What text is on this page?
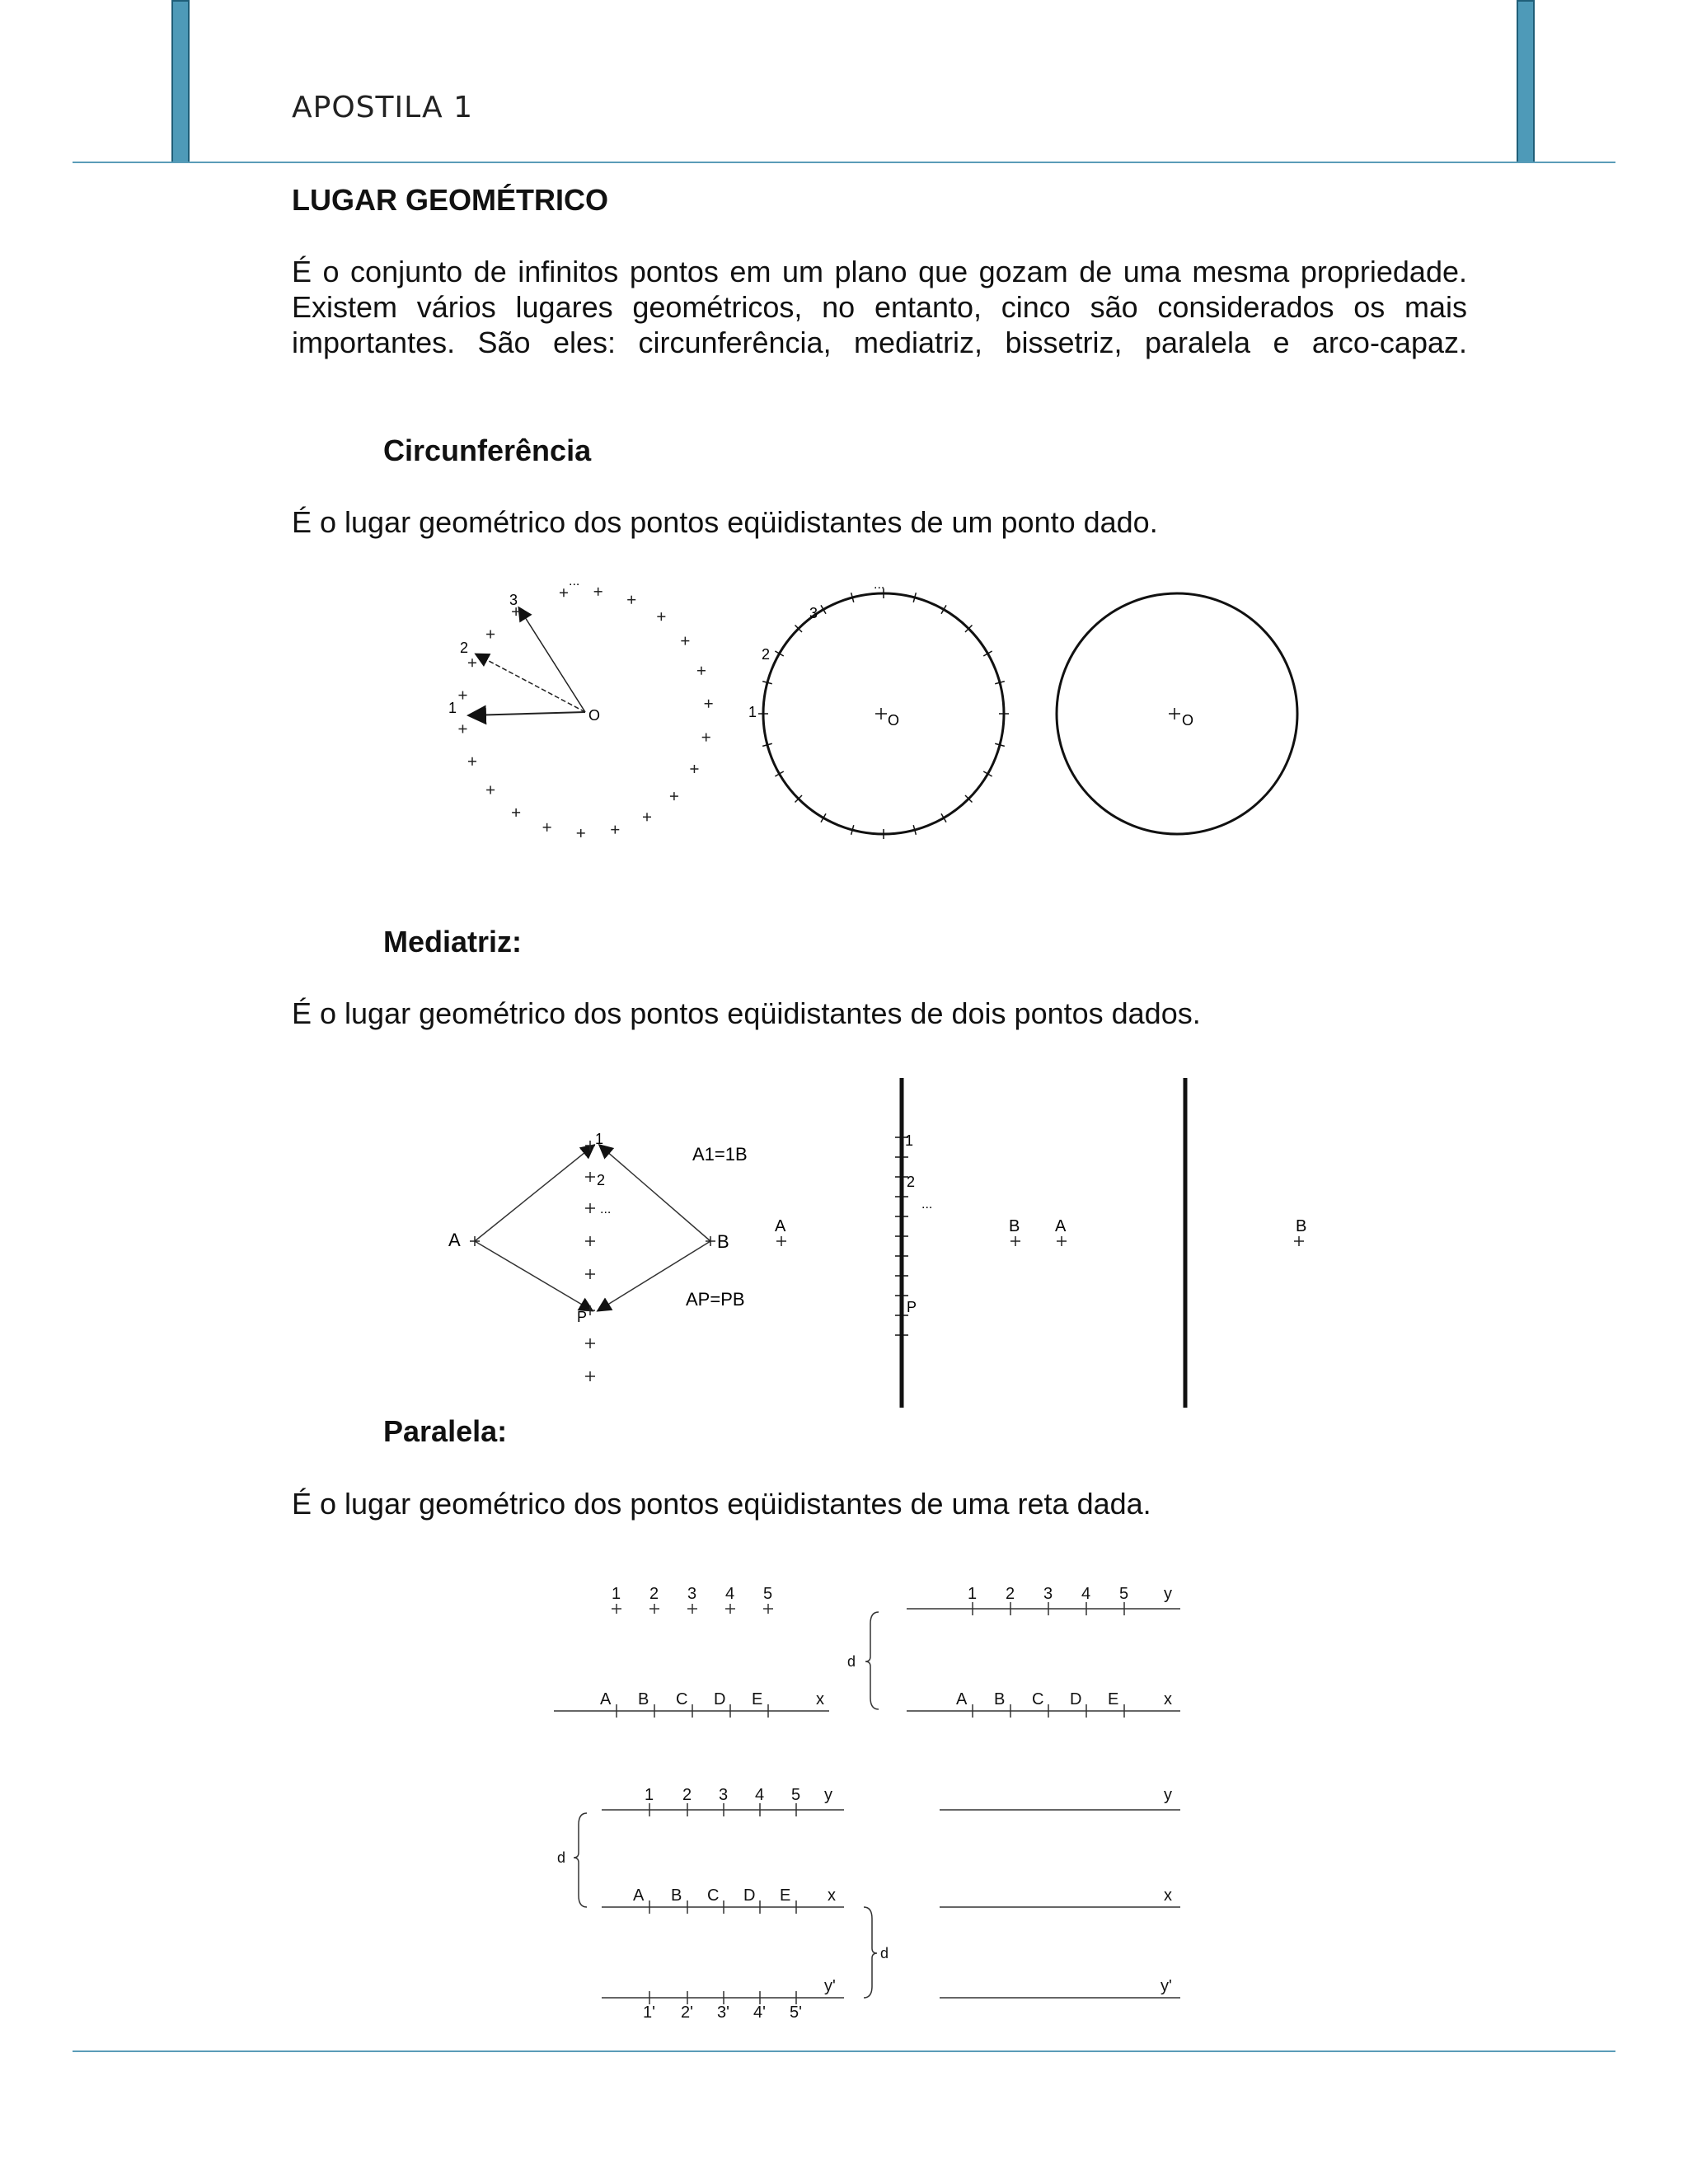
APOSTILA 1
LUGAR GEOMÉTRICO
É o conjunto de infinitos pontos em um plano que gozam de uma mesma propriedade. Existem vários lugares geométricos, no entanto, cinco são considerados os mais importantes. São eles: circunferência, mediatriz, bissetriz, paralela e arco-capaz.
Circunferência
É o lugar geométrico dos pontos eqüidistantes de um ponto dado.
1
2
3
...
O	1
2
3
...
O	O
Mediatriz:
É o lugar geométrico dos pontos eqüidistantes de dois pontos dados.
A	B
1
2
...
P
A1=1B
AP=PB
A
1
2
...
P
B A	B
Paralela:
É o lugar geométrico dos pontos eqüidistantes de uma reta dada.
1 2 3 4 5
A B C D E	x
1 2 3 4 5 y
d
A B C D E	x
1 2 3 4 5 y
d
A B C D E x
d
1' 2' 3' 4' 5'
y'
y
x
y'
